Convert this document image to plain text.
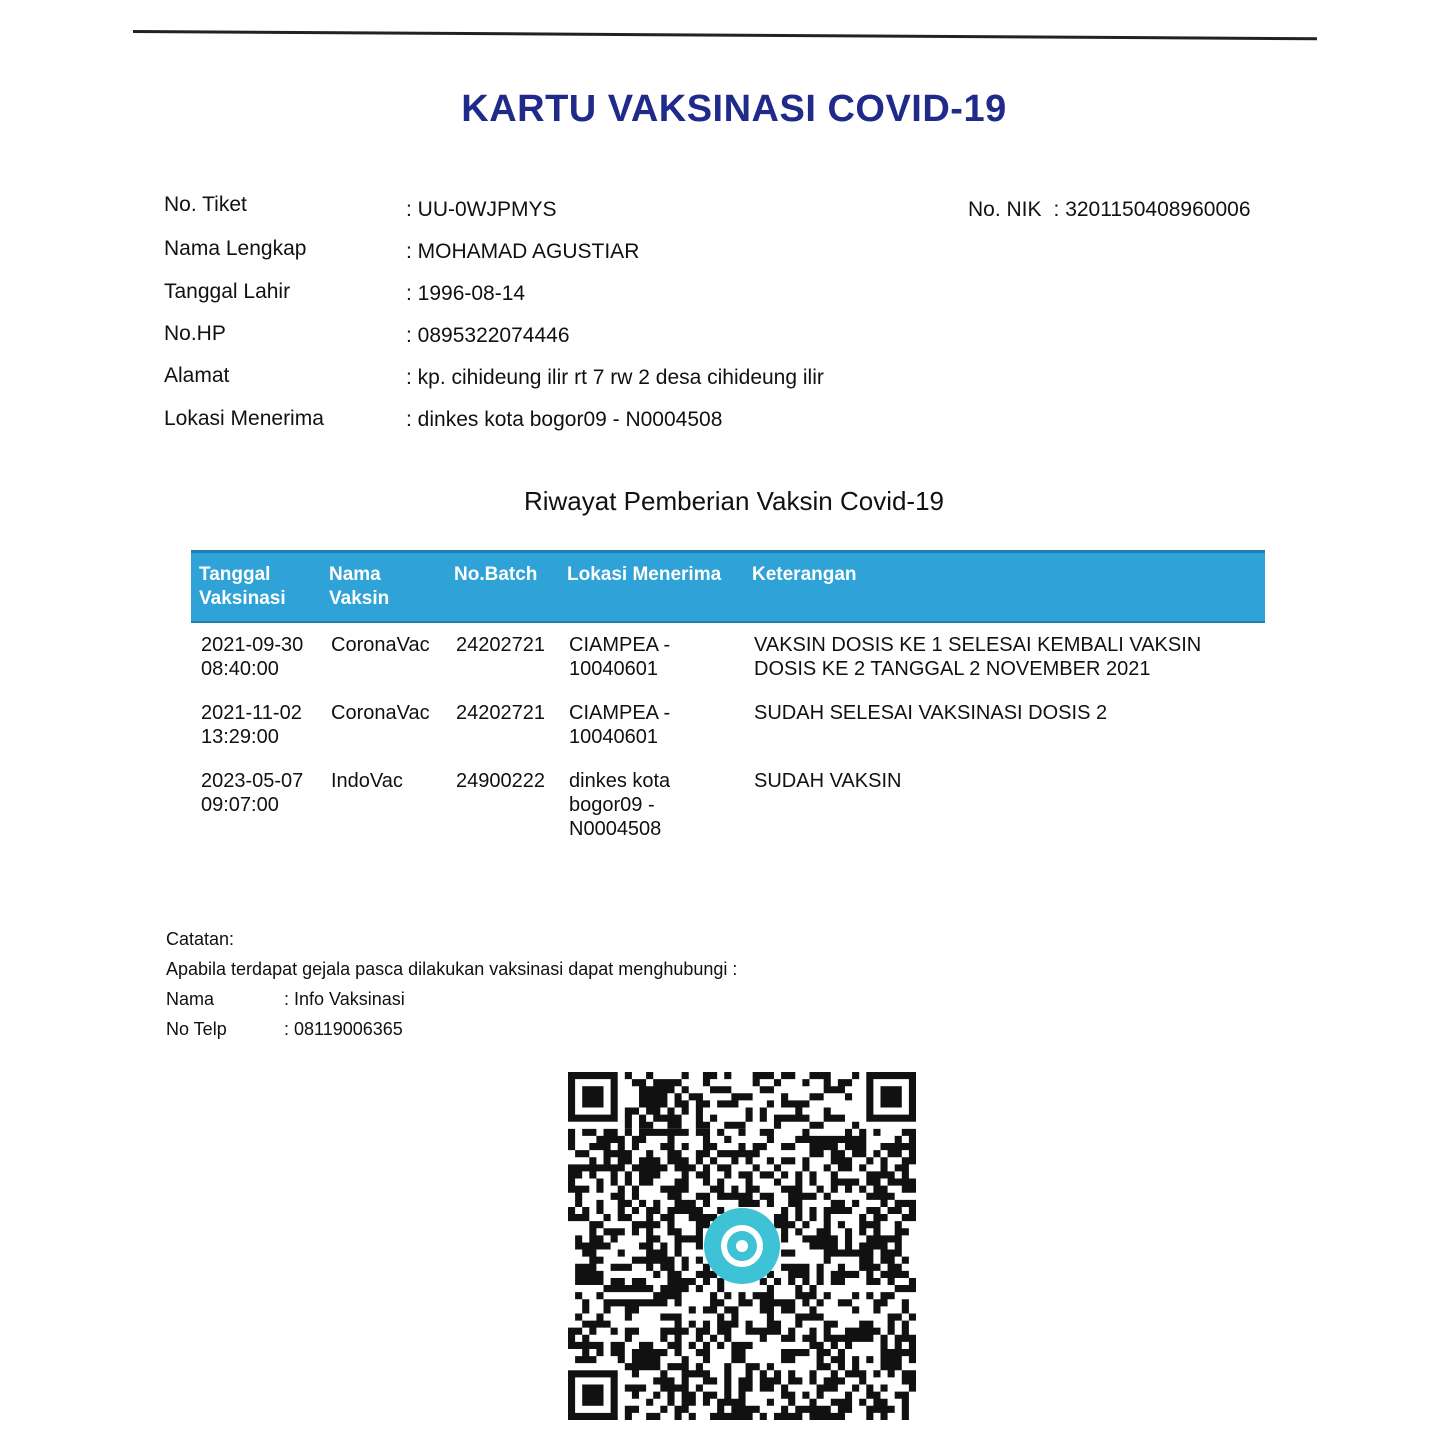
KARTU VAKSINASI COVID-19
No. Tiket	: UU-0WJPMYS
Nama Lengkap	: MOHAMAD AGUSTIAR
Tanggal Lahir	: 1996-08-14
No.HP	: 0895322074446
Alamat	: kp. cihideung ilir rt 7 rw 2 desa cihideung ilir
Lokasi Menerima	: dinkes kota bogor09 - N0004508
No. NIK : 3201150408960006
Riwayat Pemberian Vaksin Covid-19
Tanggal Vaksinasi	Nama Vaksin	No.Batch	Lokasi Menerima	Keterangan
2021-09-30 08:40:00	CoronaVac	24202721	CIAMPEA - 10040601	VAKSIN DOSIS KE 1 SELESAI KEMBALI VAKSIN DOSIS KE 2 TANGGAL 2 NOVEMBER 2021
2021-11-02 13:29:00	CoronaVac	24202721	CIAMPEA - 10040601	SUDAH SELESAI VAKSINASI DOSIS 2
2023-05-07 09:07:00	IndoVac	24900222	dinkes kota bogor09 - N0004508	SUDAH VAKSIN
Catatan:
Apabila terdapat gejala pasca dilakukan vaksinasi dapat menghubungi :
Nama	: Info Vaksinasi
No Telp	: 08119006365
